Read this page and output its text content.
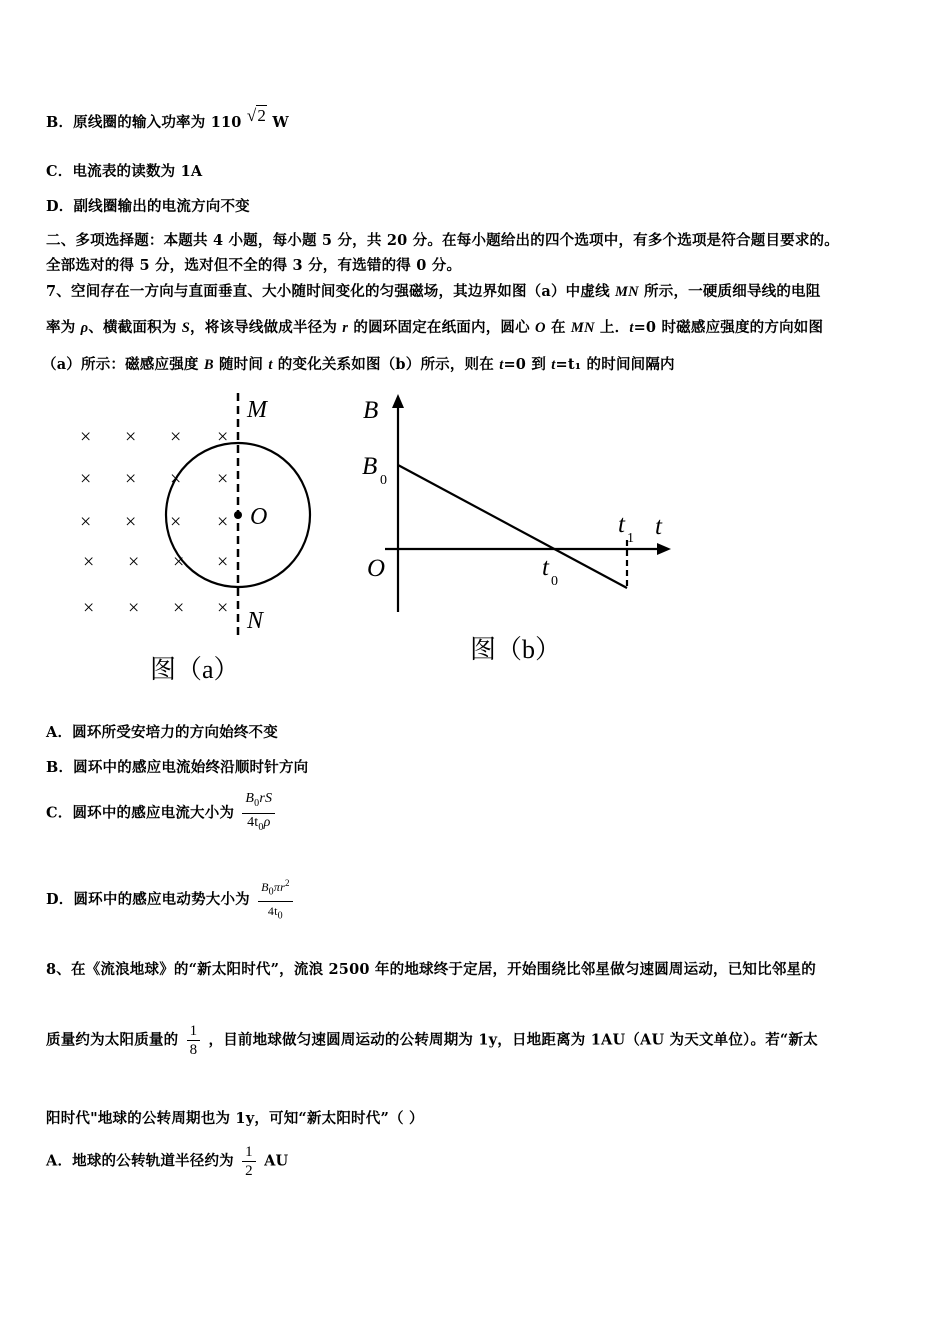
B．原线圈的输入功率为 110 √2 W
C．电流表的读数为 1A
D．副线圈输出的电流方向不变
二、多项选择题：本题共 4 小题，每小题 5 分，共 20 分。在每小题给出的四个选项中，有多个选项是符合题目要求的。
全部选对的得 5 分，选对但不全的得 3 分，有选错的得 0 分。
7、空间存在一方向与直面垂直、大小随时间变化的匀强磁场，其边界如图（a）中虚线 MN 所示，一硬质细导线的电阻
率为 ρ、横截面积为 S，将该导线做成半径为 r 的圆环固定在纸面内，圆心 O 在 MN 上．t=0 时磁感应强度的方向如图
（a）所示：磁感应强度 B 随时间 t 的变化关系如图（b）所示，则在 t=0 到 t=t₁ 的时间间隔内
× × × ×
× × × ×
× × × ×
× × × ×
× × × ×
M
O
N
图（a）
B
B
0
t
t
1
t
0
O
图（b）
A．圆环所受安培力的方向始终不变
B．圆环中的感应电流始终沿顺时针方向
C．圆环中的感应电流大小为 $\frac{B_0rS}{4t_0\rho}$
D．圆环中的感应电动势大小为 $\frac{B_0\pi r^2}{4t_0}$
8、在《流浪地球》的“新太阳时代”，流浪 2500 年的地球终于定居，开始围绕比邻星做匀速圆周运动，已知比邻星的
质量约为太阳质量的 $\frac{1}{8}$ ，目前地球做匀速圆周运动的公转周期为 1y，日地距离为 1AU（AU 为天文单位）。若“新太
阳时代"地球的公转周期也为 1y，可知“新太阳时代”（ ）
A．地球的公转轨道半径约为 $\frac{1}{2}$ AU
